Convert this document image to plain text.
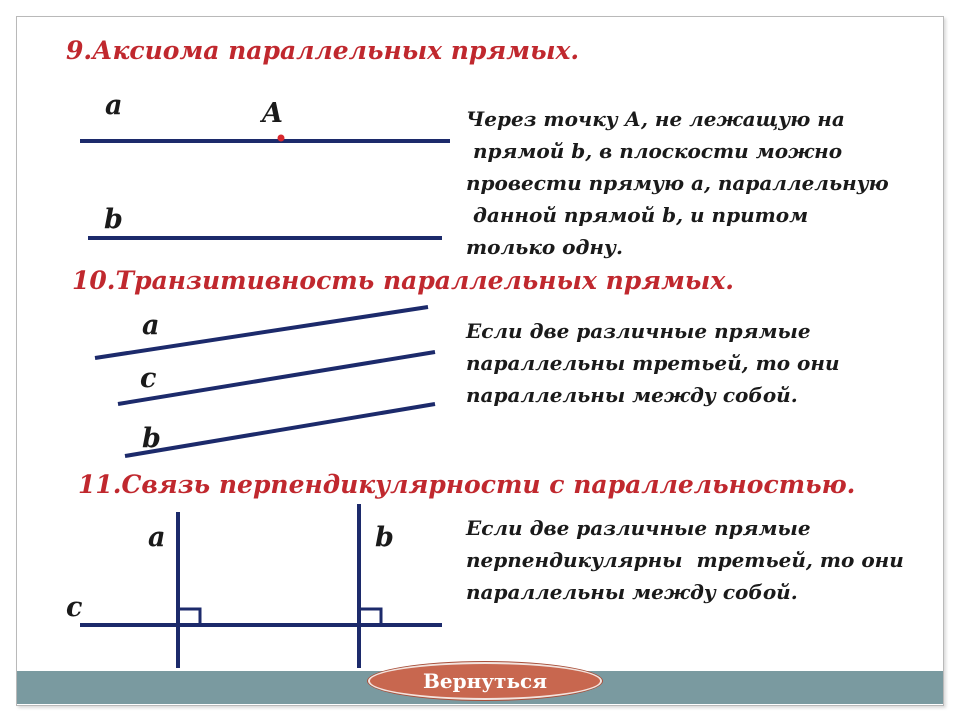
9.Аксиома параллельных прямых.
a	A
b
Через точку А, не лежащую на
прямой b, в плоскости можно
провести прямую а, параллельную
данной прямой b, и притом
только одну.
10.Транзитивность параллельных прямых.
a
c
b
Если две различные прямые
параллельны третьей, то они
параллельны между собой.
11.Связь перпендикулярности с параллельностью.
a	b
c
Если две различные прямые
перпендикулярны  третьей, то они
параллельны между собой.
Вернуться
